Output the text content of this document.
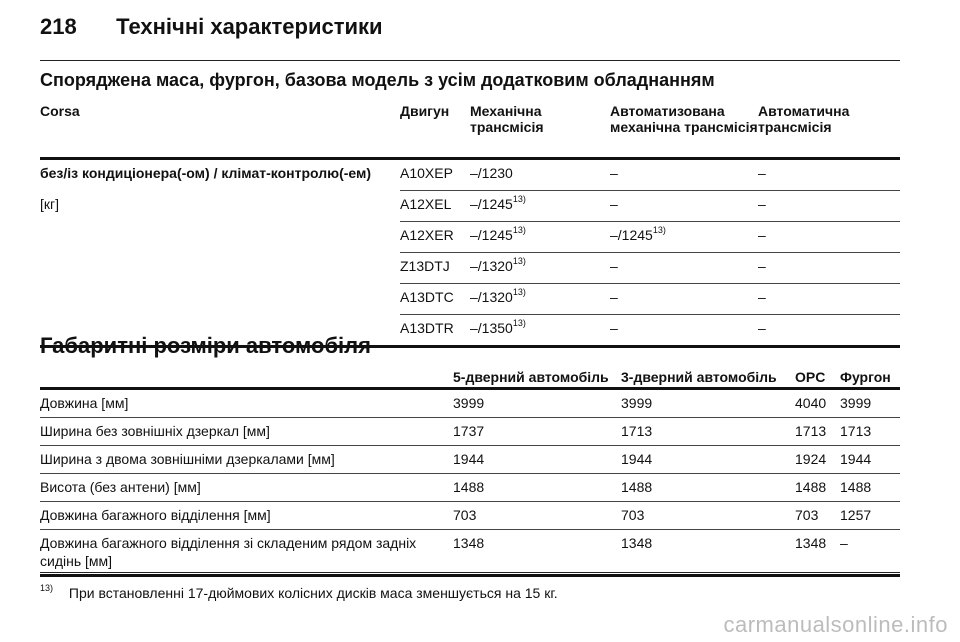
218 Технічні характеристики
Споряджена маса, фургон, базова модель з усім додатковим обладнанням
Corsa	Двигун	Механічна трансмісія	Автоматизована механічна трансмісія	Автоматична трансмісія
без/із кондиціонера(-ом) / клімат-контролю(-ем)	A10XEP	–/1230	–	–
[кг]	A12XEL	–/1245$^{13)}$	–	–
	A12XER	–/1245$^{13)}$	–/1245$^{13)}$	–
	Z13DTJ	–/1320$^{13)}$	–	–
	A13DTC	–/1320$^{13)}$	–	–
	A13DTR	–/1350$^{13)}$	–	–
Габаритні розміри автомобіля
	5-дверний автомобіль	3-дверний автомобіль	OPC	Фургон
Довжина [мм]	3999	3999	4040	3999
Ширина без зовнішніх дзеркал [мм]	1737	1713	1713	1713
Ширина з двома зовнішніми дзеркалами [мм]	1944	1944	1924	1944
Висота (без антени) [мм]	1488	1488	1488	1488
Довжина багажного відділення [мм]	703	703	703	1257
Довжина багажного відділення зі складеним рядом задніх сидінь [мм]	1348	1348	1348	–
$^{13)}$ При встановленні 17-дюймових колісних дисків маса зменшується на 15 кг.
carmanualsonline.info
